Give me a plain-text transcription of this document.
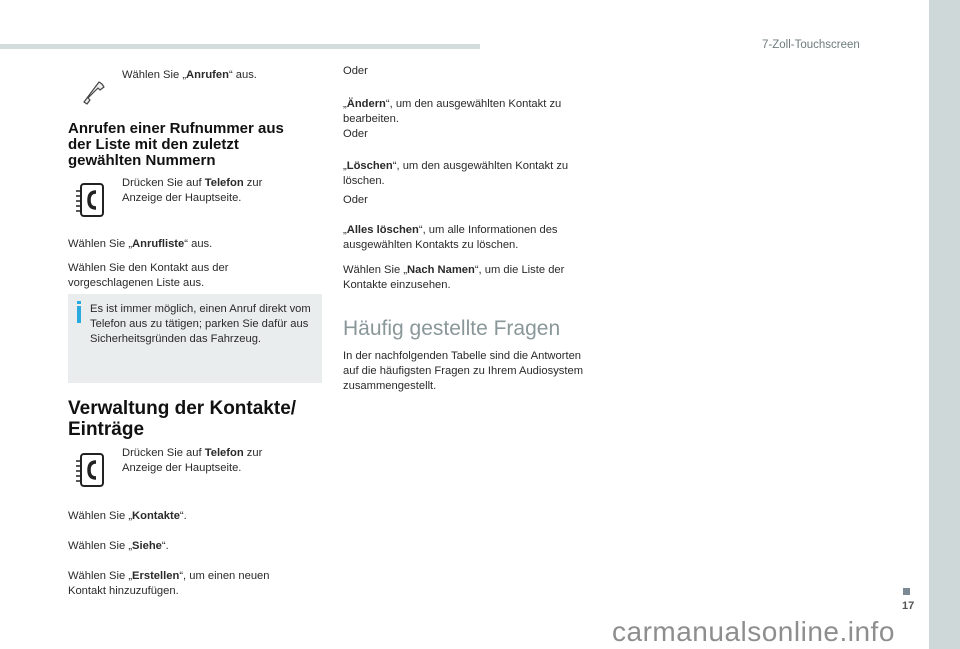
7-Zoll-Touchscreen
Wählen Sie „Anrufen“ aus.
Anrufen einer Rufnummer aus der Liste mit den zuletzt gewählten Nummern
Drücken Sie auf Telefon zur Anzeige der Hauptseite.
Wählen Sie „Anrufliste“ aus.
Wählen Sie den Kontakt aus der vorgeschlagenen Liste aus.
Es ist immer möglich, einen Anruf direkt vom Telefon aus zu tätigen; parken Sie dafür aus Sicherheitsgründen das Fahrzeug.
Verwaltung der Kontakte/ Einträge
Drücken Sie auf Telefon zur Anzeige der Hauptseite.
Wählen Sie „Kontakte“.
Wählen Sie „Siehe“.
Wählen Sie „Erstellen“, um einen neuen Kontakt hinzuzufügen.
Oder
„Ändern“, um den ausgewählten Kontakt zu bearbeiten.
Oder
„Löschen“, um den ausgewählten Kontakt zu löschen.
Oder
„Alles löschen“, um alle Informationen des ausgewählten Kontakts zu löschen.
Wählen Sie „Nach Namen“, um die Liste der Kontakte einzusehen.
Häufig gestellte Fragen
In der nachfolgenden Tabelle sind die Antworten auf die häufigsten Fragen zu Ihrem Audiosystem zusammengestellt.
17
carmanualsonline.info
